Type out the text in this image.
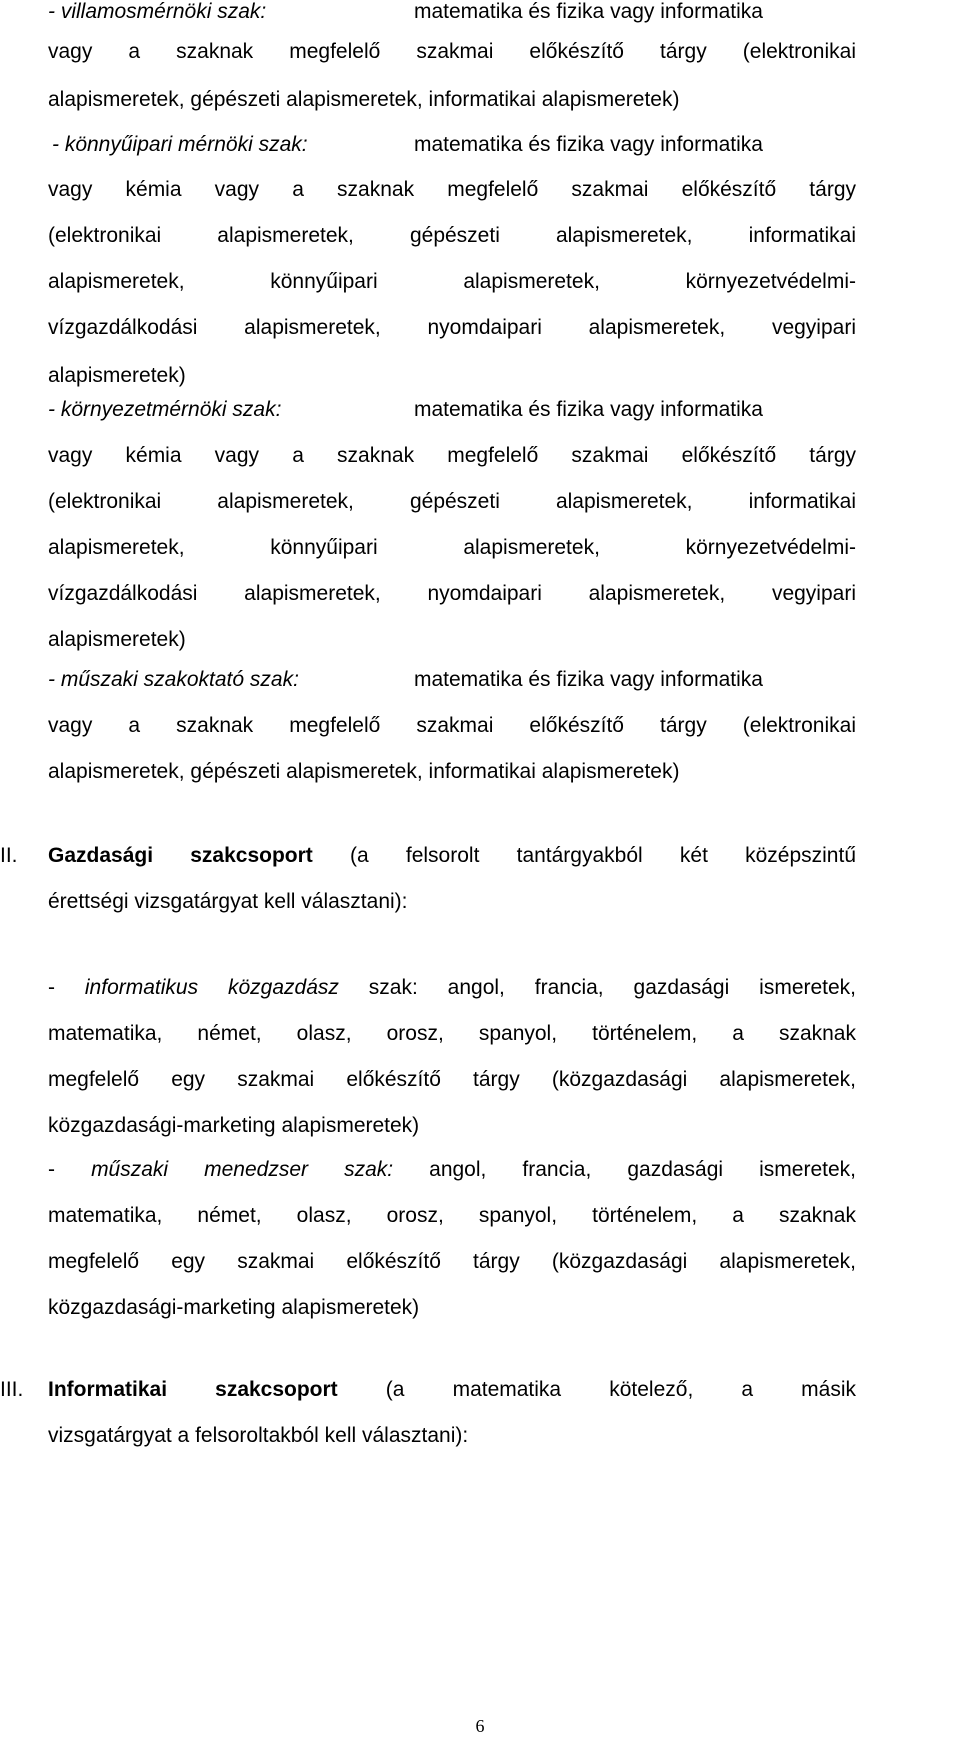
- villamosmérnöki szak:	matematika és fizika vagy informatika
vagy a szaknak megfelelő szakmai előkészítő tárgy (elektronikai
alapismeretek, gépészeti alapismeretek, informatikai alapismeretek)
- könnyűipari mérnöki szak:	matematika és fizika vagy informatika
vagy kémia vagy a szaknak megfelelő szakmai előkészítő tárgy
(elektronikai alapismeretek, gépészeti alapismeretek, informatikai
alapismeretek, könnyűipari alapismeretek, környezetvédelmi-
vízgazdálkodási alapismeretek, nyomdaipari alapismeretek, vegyipari
alapismeretek)
- környezetmérnöki szak:	matematika és fizika vagy informatika
vagy kémia vagy a szaknak megfelelő szakmai előkészítő tárgy
(elektronikai alapismeretek, gépészeti alapismeretek, informatikai
alapismeretek, könnyűipari alapismeretek, környezetvédelmi-
vízgazdálkodási alapismeretek, nyomdaipari alapismeretek, vegyipari
alapismeretek)
- műszaki szakoktató szak:	matematika és fizika vagy informatika
vagy a szaknak megfelelő szakmai előkészítő tárgy (elektronikai
alapismeretek, gépészeti alapismeretek, informatikai alapismeretek)
II. Gazdasági szakcsoport (a felsorolt tantárgyakból két középszintű
érettségi vizsgatárgyat kell választani):
- informatikus közgazdász szak: angol, francia, gazdasági ismeretek,
matematika, német, olasz, orosz, spanyol, történelem, a szaknak
megfelelő egy szakmai előkészítő tárgy (közgazdasági alapismeretek,
közgazdasági-marketing alapismeretek)
- műszaki menedzser szak: angol, francia, gazdasági ismeretek,
matematika, német, olasz, orosz, spanyol, történelem, a szaknak
megfelelő egy szakmai előkészítő tárgy (közgazdasági alapismeretek,
közgazdasági-marketing alapismeretek)
III. Informatikai szakcsoport (a matematika kötelező, a másik
vizsgatárgyat a felsoroltakból kell választani):
6
